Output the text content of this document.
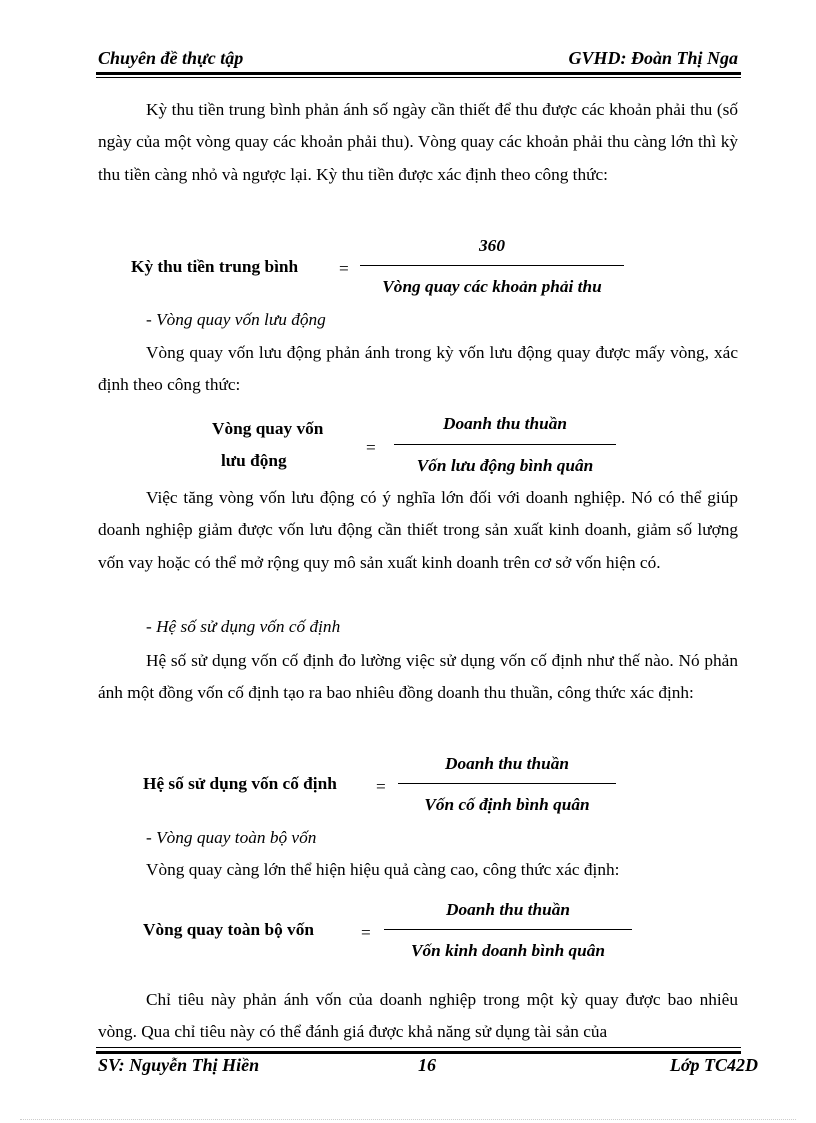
Chuyên đề thực tập	GVHD: Đoàn Thị Nga

Kỳ thu tiền trung bình phản ánh số ngày cần thiết để thu được các khoản phải thu (số ngày của một vòng quay các khoản phải thu). Vòng quay các khoản phải thu càng lớn thì kỳ thu tiền càng nhỏ và ngược lại. Kỳ thu tiền được xác định theo công thức:

360
Kỳ thu tiền trung bình =
Vòng quay các khoản phải thu

- Vòng quay vốn lưu động

Vòng quay vốn lưu động phản ánh trong kỳ vốn lưu động quay được mấy vòng, xác định theo công thức:

Vòng quay vốn
lưu động
Doanh thu thuần
=
Vốn lưu động bình quân

Việc tăng vòng vốn lưu động có ý nghĩa lớn đối với doanh nghiệp. Nó có thể giúp doanh nghiệp giảm được vốn lưu động cần thiết trong sản xuất kinh doanh, giảm số lượng vốn vay hoặc có thể mở rộng quy mô sản xuất kinh doanh trên cơ sở vốn hiện có.

- Hệ số sử dụng vốn cố định

Hệ số sử dụng vốn cố định đo lường việc sử dụng vốn cố định như thế nào. Nó phản ánh một đồng vốn cố định tạo ra bao nhiêu đồng doanh thu thuần, công thức xác định:

Doanh thu thuần
Hệ số sử dụng vốn cố định =
Vốn cố định bình quân

- Vòng quay toàn bộ vốn

Vòng quay càng lớn thể hiện hiệu quả càng cao, công thức xác định:

Doanh thu thuần
Vòng quay toàn bộ vốn	=
Vốn kinh doanh bình quân

Chỉ tiêu này phản ánh vốn của doanh nghiệp trong một kỳ quay được bao nhiêu vòng. Qua chỉ tiêu này có thể đánh giá được khả năng sử dụng tài sản của

SV: Nguyễn Thị Hiền	16	Lớp TC42D
